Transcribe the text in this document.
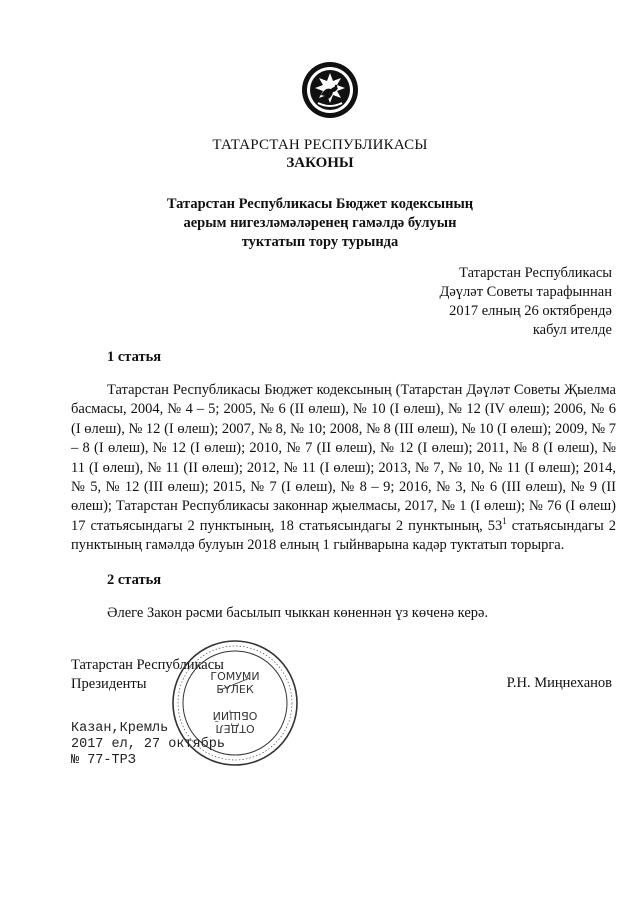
ТАТАРСТАН РЕСПУБЛИКАСЫ
ЗАКОНЫ
Татарстан Республикасы Бюджет кодексының
аерым нигезләмәләренең гамәлдә булуын
туктатып тору турында
Татарстан Республикасы
Дәүләт Советы тарафыннан
2017 елның 26 октябрендә
кабул ителде
1 статья
Татарстан Республикасы Бюджет кодексының (Татарстан Дәүләт Советы Җыелма басмасы, 2004, № 4 – 5; 2005, № 6 (II өлеш), № 10 (I өлеш), № 12 (IV өлеш); 2006, № 6 (I өлеш), № 12 (I өлеш); 2007, № 8, № 10; 2008, № 8 (III өлеш), № 10 (I өлеш); 2009, № 7 – 8 (I өлеш), № 12 (I өлеш); 2010, № 7 (II өлеш), № 12 (I өлеш); 2011, № 8 (I өлеш), № 11 (I өлеш), № 11 (II өлеш); 2012, № 11 (I өлеш); 2013, № 7, № 10, № 11 (I өлеш); 2014, № 5, № 12 (III өлеш); 2015, № 7 (I өлеш), № 8 – 9; 2016, № 3, № 6 (III өлеш), № 9 (II өлеш); Татарстан Республикасы законнар җыелмасы, 2017, № 1 (I өлеш); № 76 (I өлеш) 17 статьясындагы 2 пунктының, 18 статьясындагы 2 пунктының, $53^1$ статьясындагы 2 пунктының гамәлдә булуын 2018 елның 1 гыйнварына кадәр туктатып торырга.
2 статья
Әлеге Закон рәсми басылып чыккан көненнән үз көченә керә.
Татарстан Республикасы
Президенты	Р.Н. Миңнеханов
ГОМУМИ
БҮЛЕК
ОБЩИЙ
ОТДЕЛ
Казан,Кремль
2017 ел, 27 октябрь
№ 77-ТРЗ
